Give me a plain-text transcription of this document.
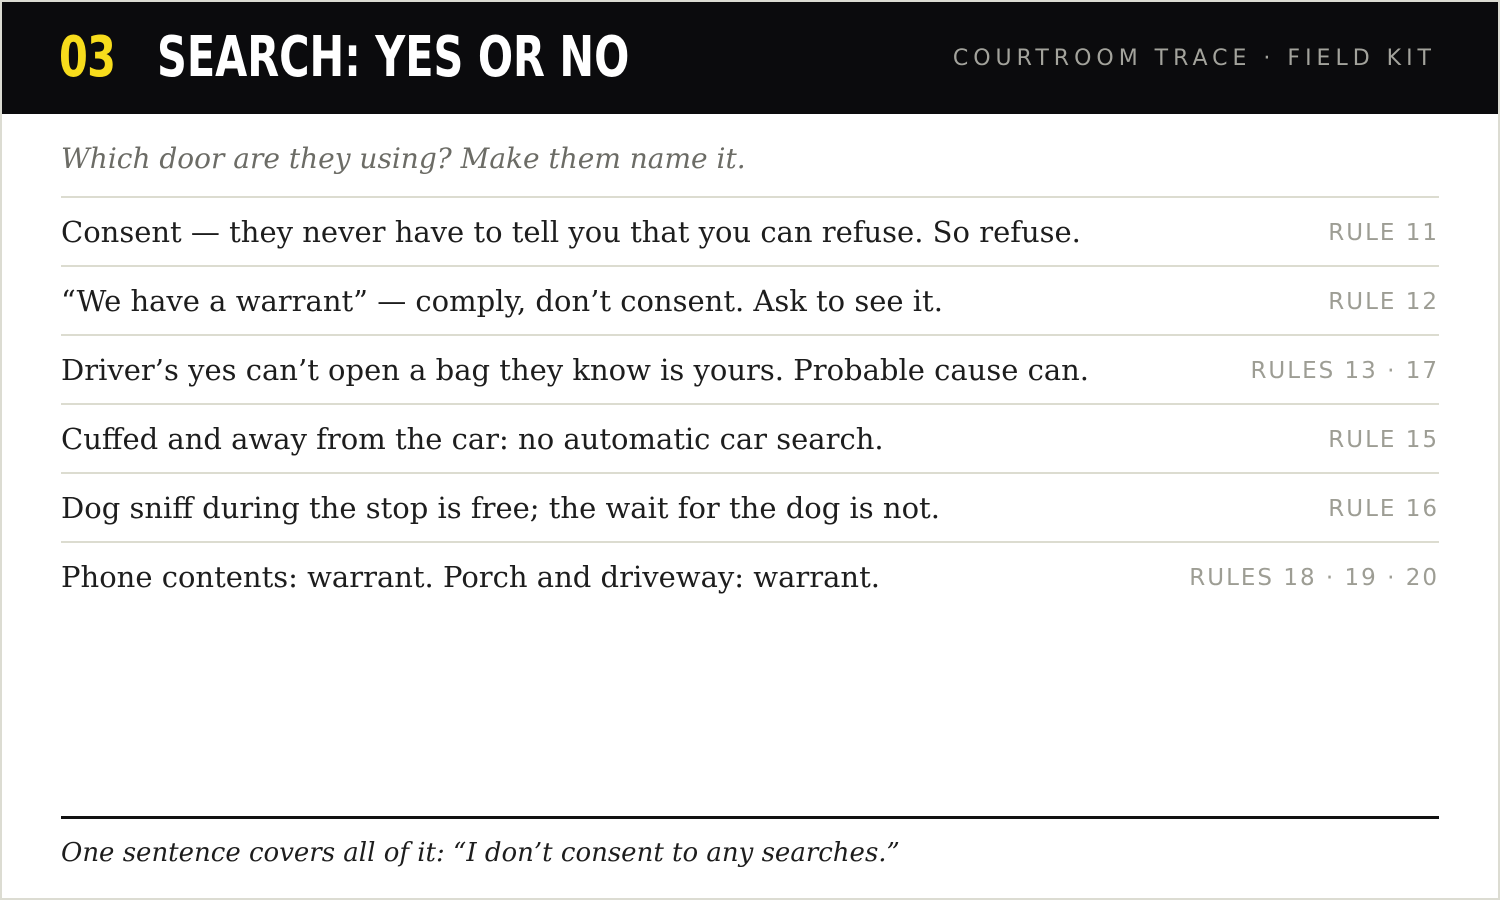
03 SEARCH: YES OR NO	COURTROOM TRACE · FIELD KIT
Which door are they using? Make them name it.
Consent — they never have to tell you that you can refuse. So refuse.	RULE 11
“We have a warrant” — comply, don’t consent. Ask to see it.	RULE 12
Driver’s yes can’t open a bag they know is yours. Probable cause can.	RULES 13 · 17
Cuffed and away from the car: no automatic car search.	RULE 15
Dog sniff during the stop is free; the wait for the dog is not.	RULE 16
Phone contents: warrant. Porch and driveway: warrant.	RULES 18 · 19 · 20
One sentence covers all of it: “I don’t consent to any searches.”
